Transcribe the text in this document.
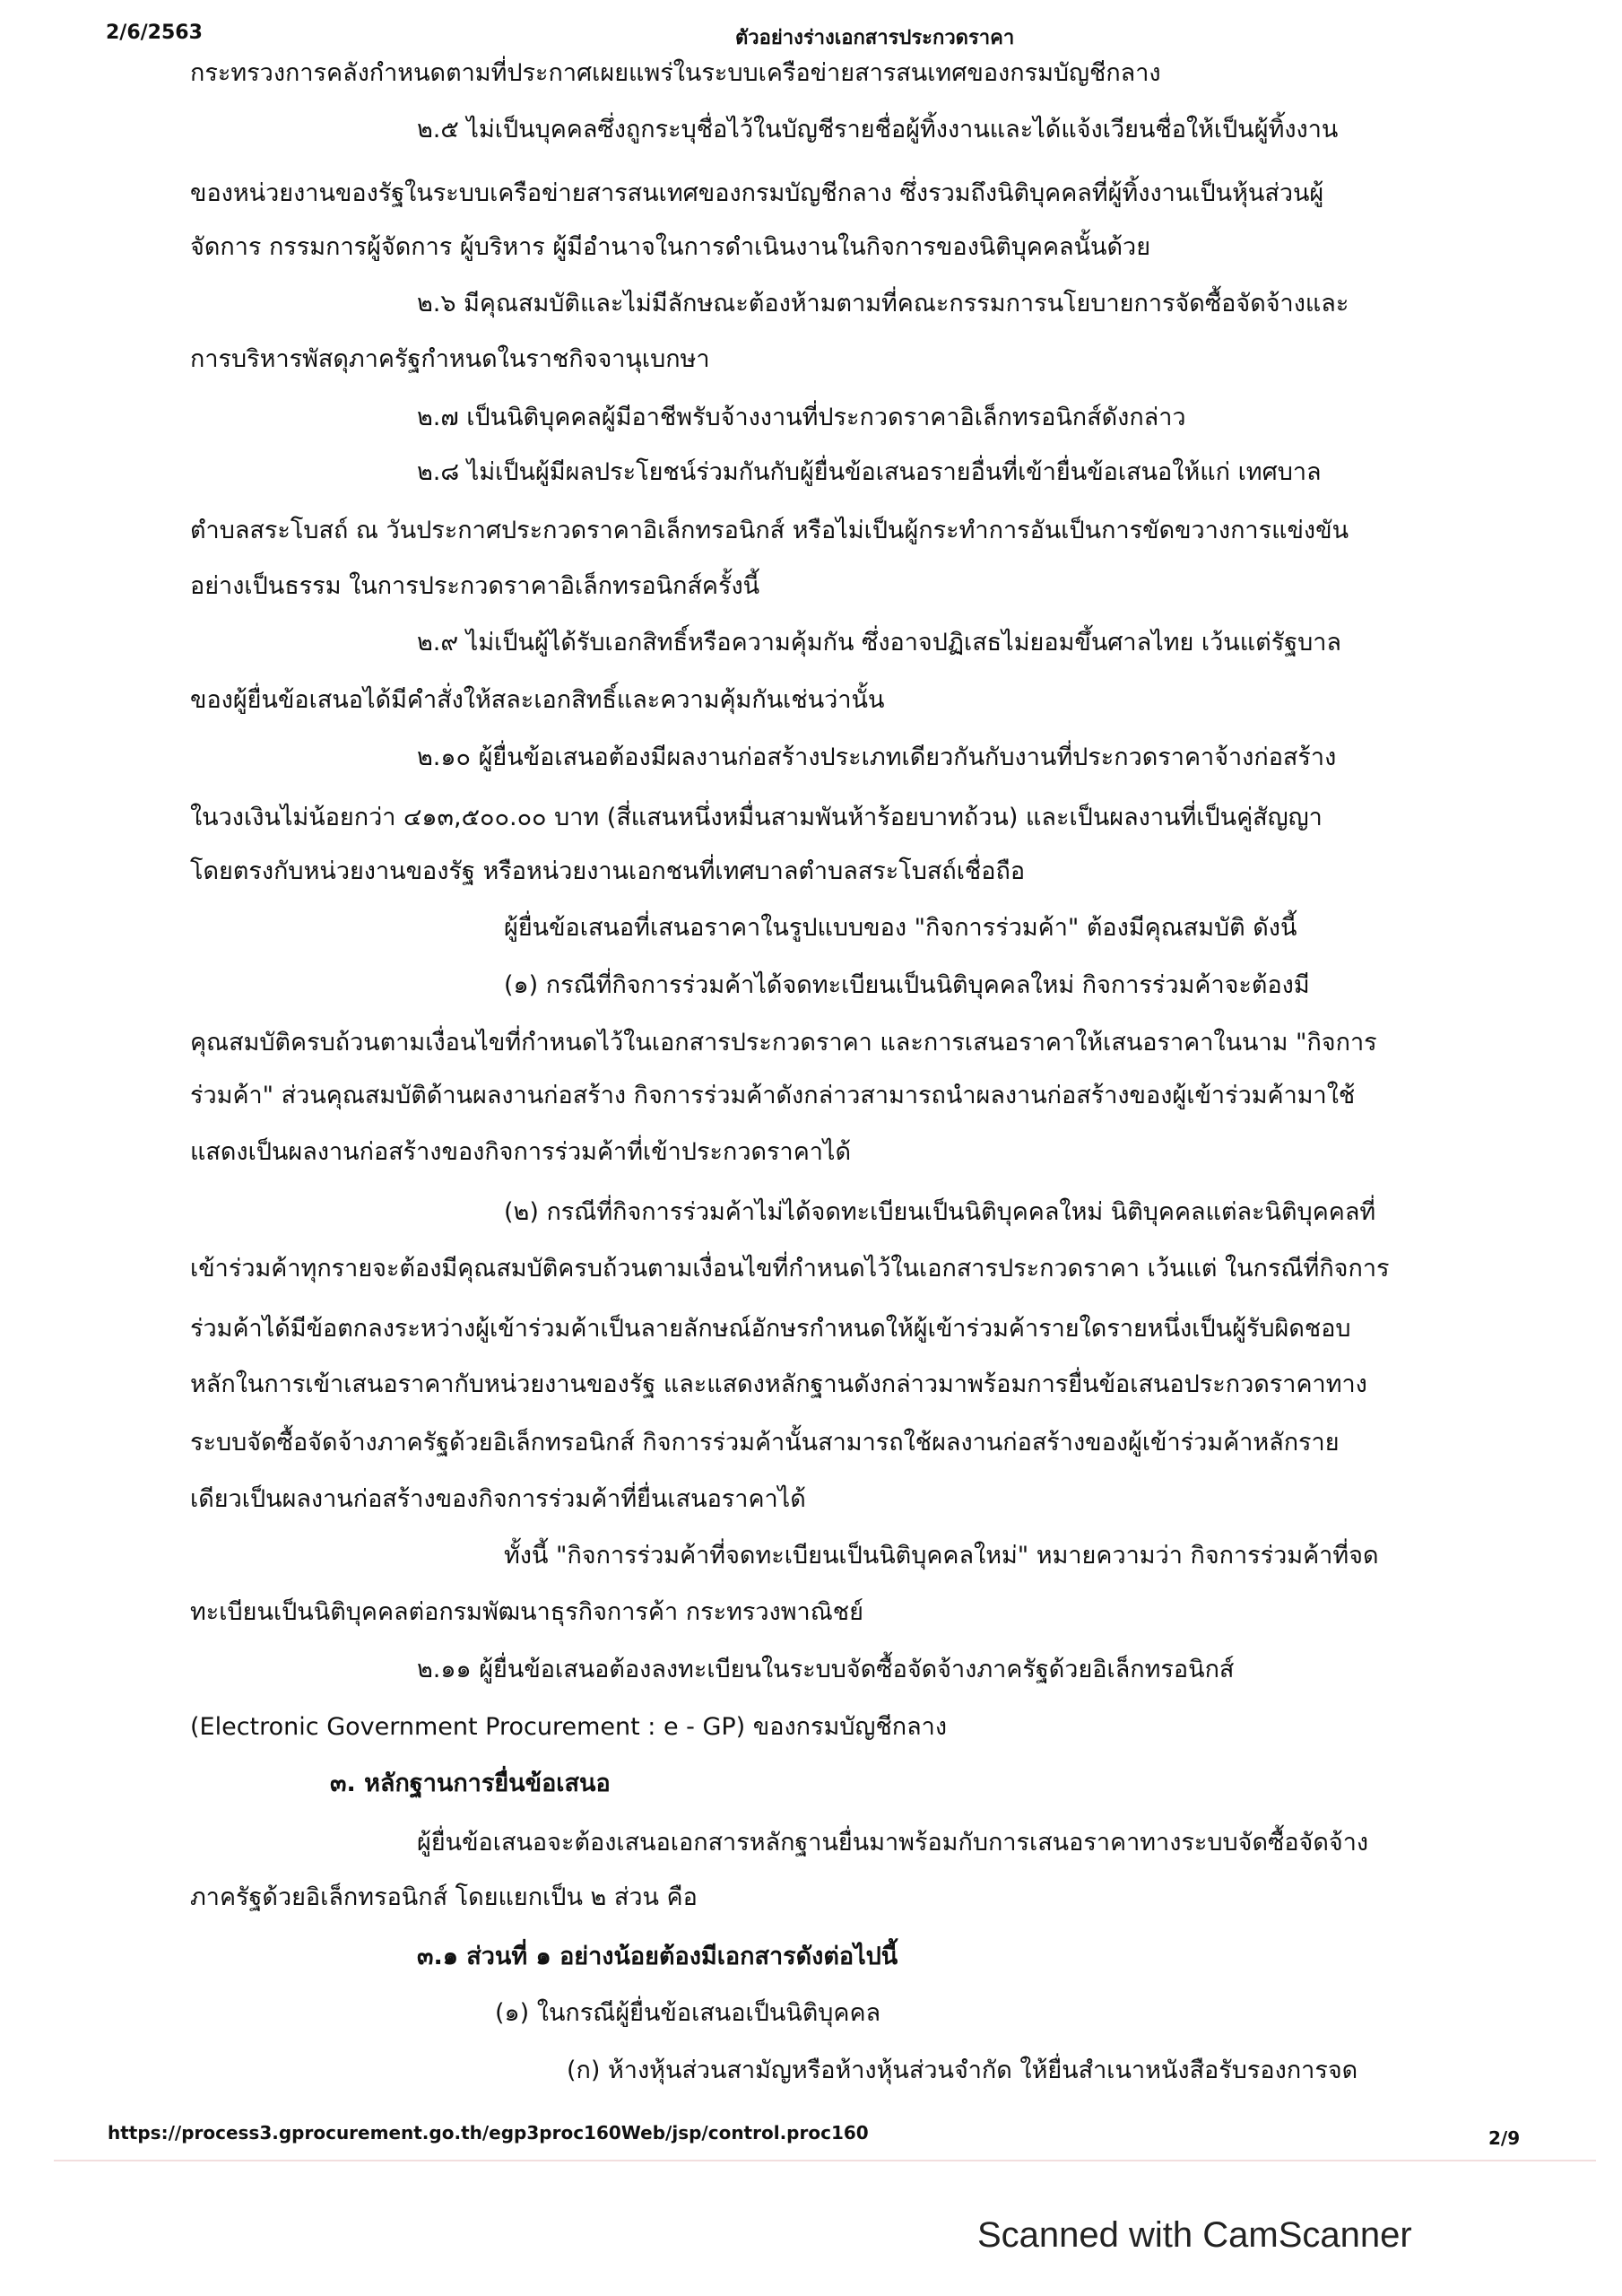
2/6/2563	ตัวอย่างร่างเอกสารประกวดราคา
กระทรวงการคลังกำหนดตามที่ประกาศเผยแพร่ในระบบเครือข่ายสารสนเทศของกรมบัญชีกลาง
๒.๕ ไม่เป็นบุคคลซึ่งถูกระบุชื่อไว้ในบัญชีรายชื่อผู้ทิ้งงานและได้แจ้งเวียนชื่อให้เป็นผู้ทิ้งงาน
ของหน่วยงานของรัฐในระบบเครือข่ายสารสนเทศของกรมบัญชีกลาง ซึ่งรวมถึงนิติบุคคลที่ผู้ทิ้งงานเป็นหุ้นส่วนผู้
จัดการ กรรมการผู้จัดการ ผู้บริหาร ผู้มีอำนาจในการดำเนินงานในกิจการของนิติบุคคลนั้นด้วย
๒.๖ มีคุณสมบัติและไม่มีลักษณะต้องห้ามตามที่คณะกรรมการนโยบายการจัดซื้อจัดจ้างและ
การบริหารพัสดุภาครัฐกำหนดในราชกิจจานุเบกษา
๒.๗ เป็นนิติบุคคลผู้มีอาชีพรับจ้างงานที่ประกวดราคาอิเล็กทรอนิกส์ดังกล่าว
๒.๘ ไม่เป็นผู้มีผลประโยชน์ร่วมกันกับผู้ยื่นข้อเสนอรายอื่นที่เข้ายื่นข้อเสนอให้แก่ เทศบาล
ตำบลสระโบสถ์ ณ วันประกาศประกวดราคาอิเล็กทรอนิกส์ หรือไม่เป็นผู้กระทำการอันเป็นการขัดขวางการแข่งขัน
อย่างเป็นธรรม ในการประกวดราคาอิเล็กทรอนิกส์ครั้งนี้
๒.๙ ไม่เป็นผู้ได้รับเอกสิทธิ์หรือความคุ้มกัน ซึ่งอาจปฏิเสธไม่ยอมขึ้นศาลไทย เว้นแต่รัฐบาล
ของผู้ยื่นข้อเสนอได้มีคำสั่งให้สละเอกสิทธิ์และความคุ้มกันเช่นว่านั้น
๒.๑๐ ผู้ยื่นข้อเสนอต้องมีผลงานก่อสร้างประเภทเดียวกันกับงานที่ประกวดราคาจ้างก่อสร้าง
ในวงเงินไม่น้อยกว่า ๔๑๓,๕๐๐.๐๐ บาท (สี่แสนหนึ่งหมื่นสามพันห้าร้อยบาทถ้วน) และเป็นผลงานที่เป็นคู่สัญญา
โดยตรงกับหน่วยงานของรัฐ หรือหน่วยงานเอกชนที่เทศบาลตำบลสระโบสถ์เชื่อถือ
ผู้ยื่นข้อเสนอที่เสนอราคาในรูปแบบของ "กิจการร่วมค้า" ต้องมีคุณสมบัติ ดังนี้
(๑) กรณีที่กิจการร่วมค้าได้จดทะเบียนเป็นนิติบุคคลใหม่ กิจการร่วมค้าจะต้องมี
คุณสมบัติครบถ้วนตามเงื่อนไขที่กำหนดไว้ในเอกสารประกวดราคา และการเสนอราคาให้เสนอราคาในนาม "กิจการ
ร่วมค้า" ส่วนคุณสมบัติด้านผลงานก่อสร้าง กิจการร่วมค้าดังกล่าวสามารถนำผลงานก่อสร้างของผู้เข้าร่วมค้ามาใช้
แสดงเป็นผลงานก่อสร้างของกิจการร่วมค้าที่เข้าประกวดราคาได้
(๒) กรณีที่กิจการร่วมค้าไม่ได้จดทะเบียนเป็นนิติบุคคลใหม่ นิติบุคคลแต่ละนิติบุคคลที่
เข้าร่วมค้าทุกรายจะต้องมีคุณสมบัติครบถ้วนตามเงื่อนไขที่กำหนดไว้ในเอกสารประกวดราคา เว้นแต่ ในกรณีที่กิจการ
ร่วมค้าได้มีข้อตกลงระหว่างผู้เข้าร่วมค้าเป็นลายลักษณ์อักษรกำหนดให้ผู้เข้าร่วมค้ารายใดรายหนึ่งเป็นผู้รับผิดชอบ
หลักในการเข้าเสนอราคากับหน่วยงานของรัฐ และแสดงหลักฐานดังกล่าวมาพร้อมการยื่นข้อเสนอประกวดราคาทาง
ระบบจัดซื้อจัดจ้างภาครัฐด้วยอิเล็กทรอนิกส์ กิจการร่วมค้านั้นสามารถใช้ผลงานก่อสร้างของผู้เข้าร่วมค้าหลักราย
เดียวเป็นผลงานก่อสร้างของกิจการร่วมค้าที่ยื่นเสนอราคาได้
ทั้งนี้ "กิจการร่วมค้าที่จดทะเบียนเป็นนิติบุคคลใหม่" หมายความว่า กิจการร่วมค้าที่จด
ทะเบียนเป็นนิติบุคคลต่อกรมพัฒนาธุรกิจการค้า กระทรวงพาณิชย์
๒.๑๑ ผู้ยื่นข้อเสนอต้องลงทะเบียนในระบบจัดซื้อจัดจ้างภาครัฐด้วยอิเล็กทรอนิกส์
(Electronic Government Procurement : e - GP) ของกรมบัญชีกลาง
๓. หลักฐานการยื่นข้อเสนอ
ผู้ยื่นข้อเสนอจะต้องเสนอเอกสารหลักฐานยื่นมาพร้อมกับการเสนอราคาทางระบบจัดซื้อจัดจ้าง
ภาครัฐด้วยอิเล็กทรอนิกส์ โดยแยกเป็น ๒ ส่วน คือ
๓.๑ ส่วนที่ ๑ อย่างน้อยต้องมีเอกสารดังต่อไปนี้
(๑) ในกรณีผู้ยื่นข้อเสนอเป็นนิติบุคคล
(ก) ห้างหุ้นส่วนสามัญหรือห้างหุ้นส่วนจำกัด ให้ยื่นสำเนาหนังสือรับรองการจด
https://process3.gprocurement.go.th/egp3proc160Web/jsp/control.proc160	2/9
Scanned with CamScanner
